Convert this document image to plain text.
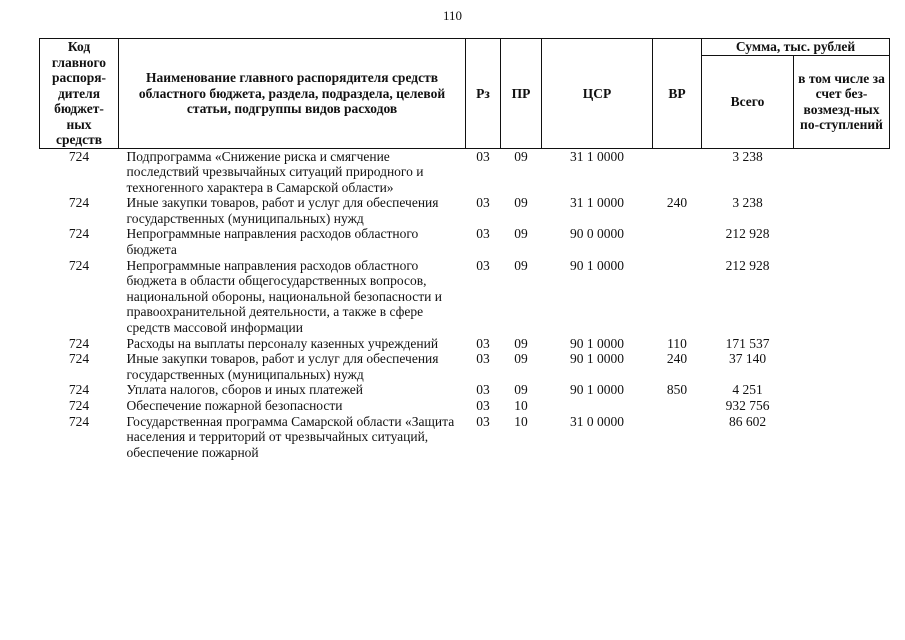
110
Код главного распоря-дителя бюджет-ных средств	Наименование главного распорядителя средств областного бюджета, раздела, подраздела, целевой статьи, подгруппы видов расходов	Рз	ПР	ЦСР	ВР	Сумма, тыс. рублей	
						Всего	в том числе за счет без-возмезд-ных по-ступлений
724	Подпрограмма «Снижение риска и смягчение последствий чрезвычайных ситуаций природного и техногенного характера в Самарской области»	03	09	31 1 0000		3 238	
724	Иные закупки товаров, работ и услуг для обеспечения государственных (муниципальных) нужд	03	09	31 1 0000	240	3 238	
724	Непрограммные направления расходов областного бюджета	03	09	90 0 0000		212 928	
724	Непрограммные направления расходов областного бюджета в области общегосударственных вопросов, национальной обороны, национальной безопасности и правоохранительной деятельности, а также в сфере средств массовой информации	03	09	90 1 0000		212 928	
724	Расходы на выплаты персоналу казенных учреждений	03	09	90 1 0000	110	171 537	
724	Иные закупки товаров, работ и услуг для обеспечения государственных (муниципальных) нужд	03	09	90 1 0000	240	37 140	
724	Уплата налогов, сборов и иных платежей	03	09	90 1 0000	850	4 251	
724	Обеспечение пожарной безопасности	03	10			932 756	
724	Государственная программа Самарской области «Защита населения и территорий от чрезвычайных ситуаций, обеспечение пожарной	03	10	31 0 0000		86 602	
